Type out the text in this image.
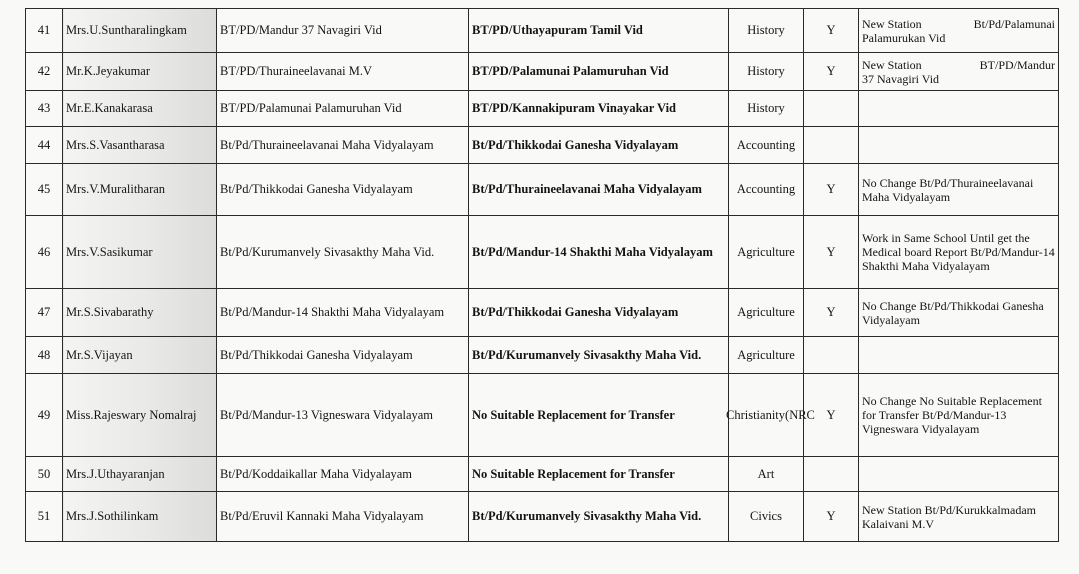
41	Mrs.U.Suntharalingkam	BT/PD/Mandur 37 Navagiri Vid	BT/PD/Uthayapuram Tamil Vid	History	Y	New Station Bt/Pd/Palamunai
Palamurukan Vid

42	Mr.K.Jeyakumar	BT/PD/Thuraineelavanai M.V	BT/PD/Palamunai Palamuruhan Vid	History	Y	New Station BT/PD/Mandur
37 Navagiri Vid

43	Mr.E.Kanakarasa	BT/PD/Palamunai Palamuruhan Vid	BT/PD/Kannakipuram Vinayakar Vid	History		
44	Mrs.S.Vasantharasa	Bt/Pd/Thuraineelavanai Maha Vidyalayam	Bt/Pd/Thikkodai Ganesha Vidyalayam	Accounting		
45	Mrs.V.Muralitharan	Bt/Pd/Thikkodai Ganesha Vidyalayam	Bt/Pd/Thuraineelavanai Maha Vidyalayam	Accounting	Y	No Change Bt/Pd/Thuraineelavanai Maha Vidyalayam
46	Mrs.V.Sasikumar	Bt/Pd/Kurumanvely Sivasakthy Maha Vid.	Bt/Pd/Mandur-14 Shakthi Maha Vidyalayam	Agriculture	Y	Work in Same School Until get the Medical board Report Bt/Pd/Mandur-14 Shakthi Maha Vidyalayam
47	Mr.S.Sivabarathy	Bt/Pd/Mandur-14 Shakthi Maha Vidyalayam	Bt/Pd/Thikkodai Ganesha Vidyalayam	Agriculture	Y	No Change Bt/Pd/Thikkodai Ganesha Vidyalayam
48	Mr.S.Vijayan	Bt/Pd/Thikkodai Ganesha Vidyalayam	Bt/Pd/Kurumanvely Sivasakthy Maha Vid.	Agriculture		
49	Miss.Rajeswary Nomalraj	Bt/Pd/Mandur-13 Vigneswara Vidyalayam	No Suitable Replacement for Transfer	Christianity(NRC	Y	No Change No Suitable Replacement for Transfer Bt/Pd/Mandur-13 Vigneswara Vidyalayam
50	Mrs.J.Uthayaranjan	Bt/Pd/Koddaikallar Maha Vidyalayam	No Suitable Replacement for Transfer	Art		
51	Mrs.J.Sothilinkam	Bt/Pd/Eruvil Kannaki Maha Vidyalayam	Bt/Pd/Kurumanvely Sivasakthy Maha Vid.	Civics	Y	New Station Bt/Pd/Kurukkalmadam Kalaivani M.V
